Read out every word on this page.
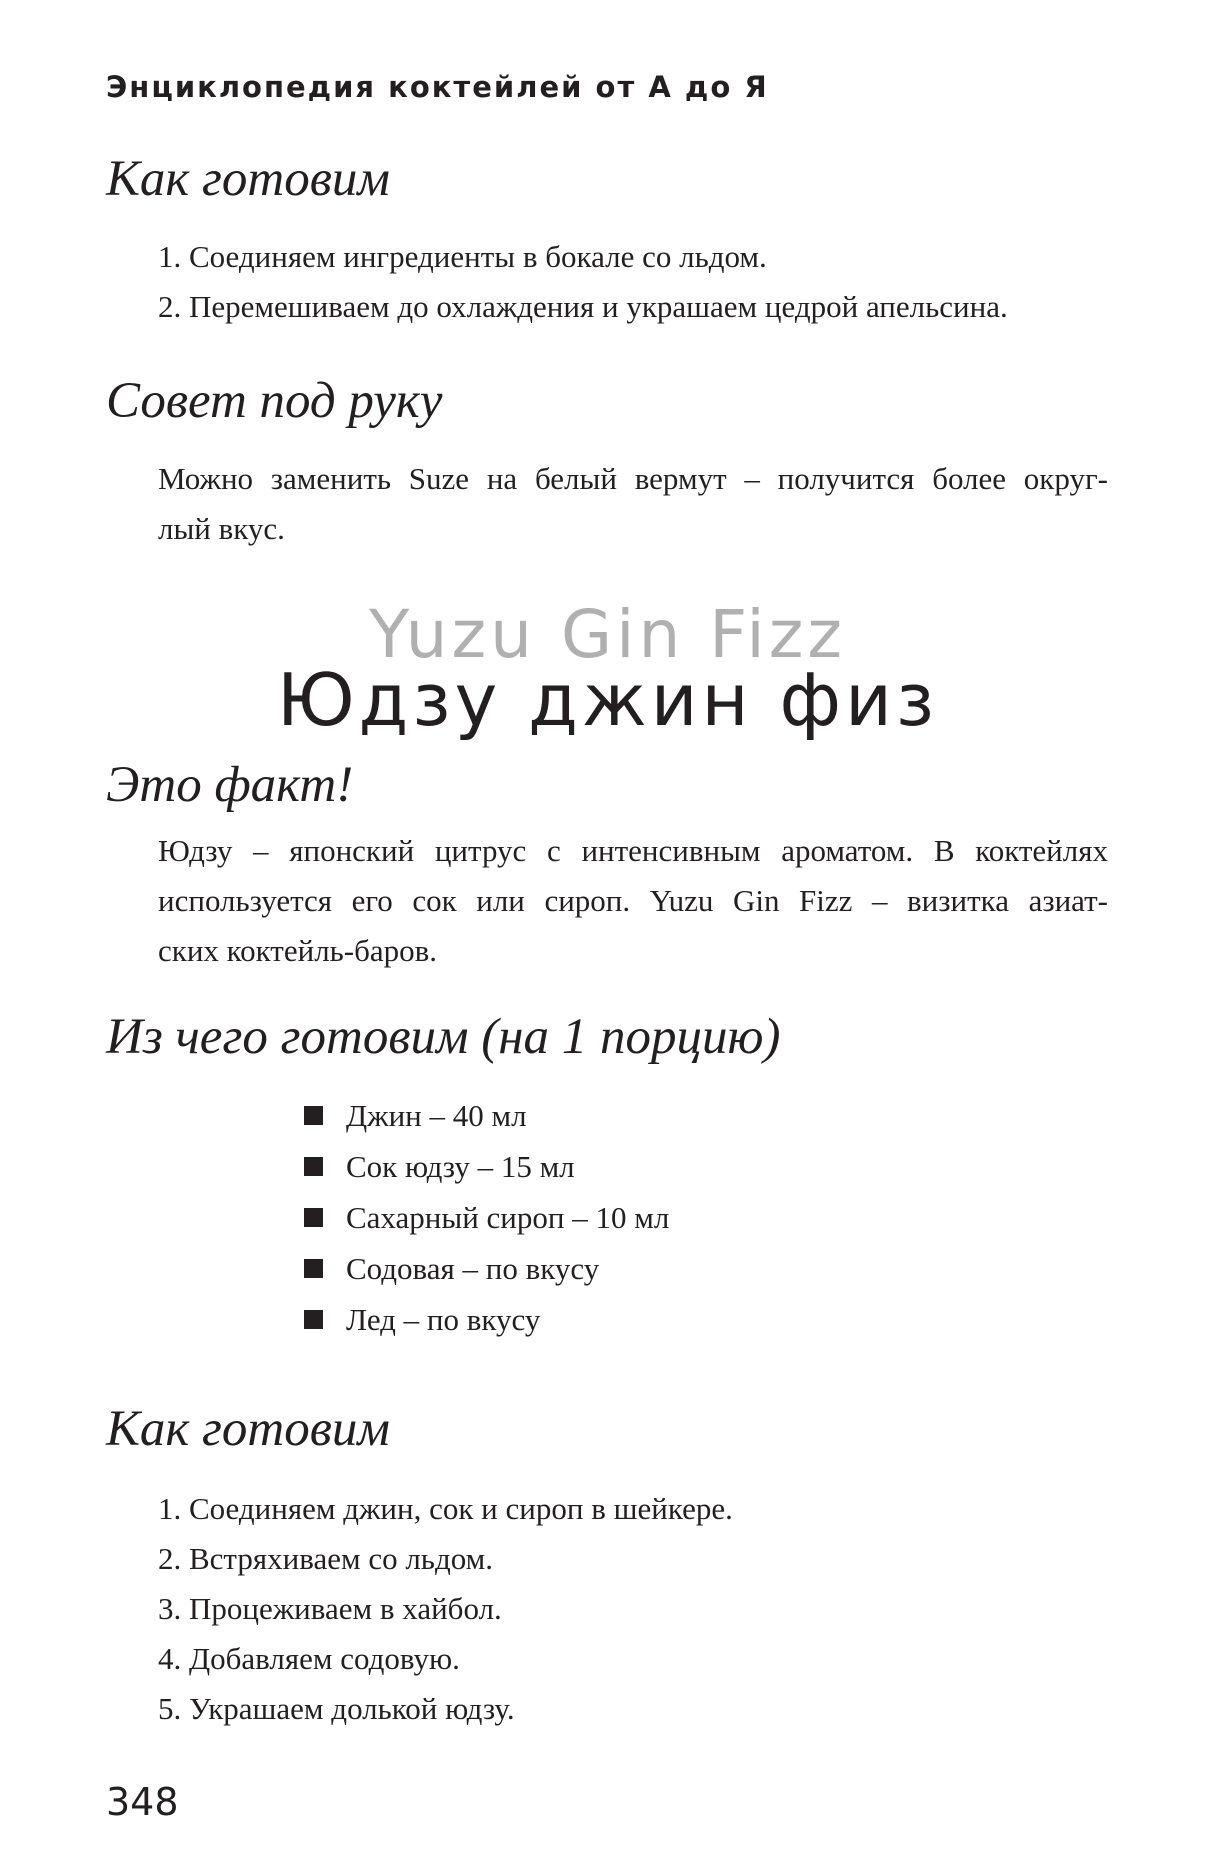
Энциклопедия коктейлей от А до Я
Как готовим
1. Соединяем ингредиенты в бокале со льдом.
2. Перемешиваем до охлаждения и украшаем цедрой апельсина.
Совет под руку

Можно заменить Suze на белый вермут – получится более округ-
лый вкус.

Yuzu Gin Fizz
Юдзу джин физ
Это факт!

Юдзу – японский цитрус с интенсивным ароматом. В коктейлях
используется его сок или сироп. Yuzu Gin Fizz – визитка азиат-
ских коктейль-баров.

Из чего готовим (на 1 порцию)
Джин – 40 мл
Сок юдзу – 15 мл
Сахарный сироп – 10 мл
Содовая – по вкусу
Лед – по вкусу
Как готовим
1. Соединяем джин, сок и сироп в шейкере.
2. Встряхиваем со льдом.
3. Процеживаем в хайбол.
4. Добавляем содовую.
5. Украшаем долькой юдзу.
348
